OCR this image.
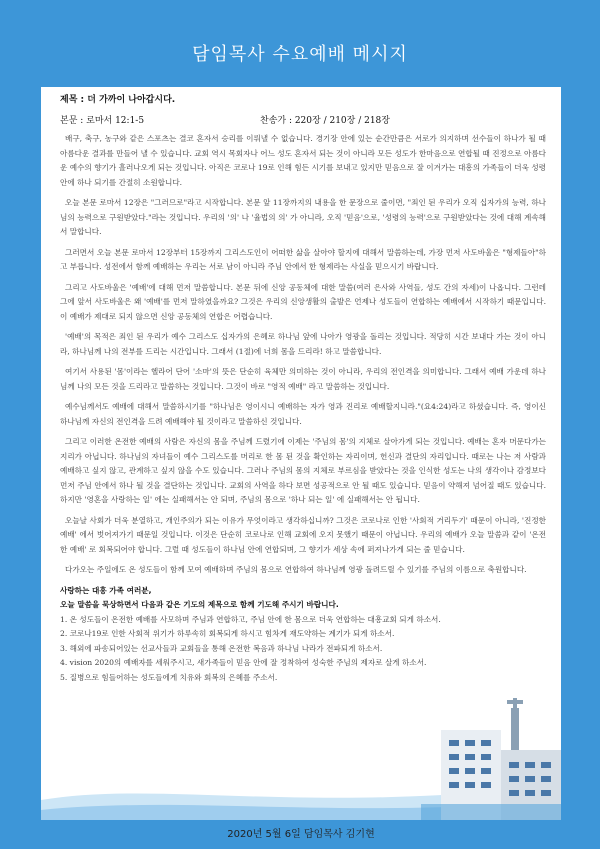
담임목사 수요예배 메시지
제목 : 더 가까이 나아갑시다.
본문 : 로마서 12:1-5	찬송가 : 220장 / 210장 / 218장

배구, 축구, 농구와 같은 스포츠는 결코 혼자서 승리를 이뤄낼 수 없습니다. 경기장 안에 있는 순간만큼은 서로가 의지하며 선수들이 하나가 될 때 아름다운 결과를 만들어 낼 수 있습니다. 교회 역시 목회자나 어느 성도 혼자서 되는 것이 아니라 모든 성도가 한마음으로 연합될 때 진정으로 아름다운 예수의 향기가 흘러나오게 되는 것입니다. 아직은 코로나 19로 인해 힘든 시기를 보내고 있지만 믿음으로 잘 이겨가는 대흥의 가족들이 더욱 성령 안에 하나 되기를 간절히 소원합니다.

오늘 본문 로마서 12장은 "그러므로"라고 시작합니다. 본문 앞 11장까지의 내용을 한 문장으로 줄이면, "죄인 된 우리가 오직 십자가의 능력, 하나님의 능력으로 구원받았다."라는 것입니다. 우리의 '의' 나 '율법의 의' 가 아니라, 오직 '믿음'으로, '성령의 능력'으로 구원받았다는 것에 대해 계속해서 말합니다.

그러면서 오늘 본문 로마서 12장부터 15장까지 그리스도인이 어떠한 삶을 살아야 할지에 대해서 말씀하는데, 가장 먼저 사도바울은 "형제들아"하고 부릅니다. 성전에서 함께 예배하는 우리는 서로 남이 아니라 주님 안에서 한 형제라는 사실을 믿으시기 바랍니다.

그리고 사도바울은 '예배'에 대해 먼저 말씀합니다. 본문 뒤에 신앙 공동체에 대한 말씀(여러 은사와 사역들, 성도 간의 자세)이 나옵니다. 그런데 그에 앞서 사도바울은 왜 '예배'를 먼저 말하였을까요? 그것은 우리의 신앙생활의 출발은 언제나 성도들이 연합하는 예배에서 시작하기 때문입니다. 이 예배가 제대로 되지 않으면 신앙 공동체의 연합은 어렵습니다.

'예배'의 목적은 죄인 된 우리가 예수 그리스도 십자가의 은혜로 하나님 앞에 나아가 영광을 돌리는 것입니다. 적당히 시간 보내다 가는 것이 아니라, 하나님께 나의 전부를 드리는 시간입니다. 그래서 (1절)에 너희 몸을 드리라! 하고 말씀합니다.

여기서 사용된 '몸'이라는 헬라어 단어 '소마'의 뜻은 단순히 육체만 의미하는 것이 아니라, 우리의 전인격을 의미합니다. 그래서 예배 가운데 하나님께 나의 모든 것을 드리라고 말씀하는 것입니다. 그것이 바로 "영적 예배" 라고 말씀하는 것입니다.

예수님께서도 예배에 대해서 말씀하시기를 "하나님은 영이시니 예배하는 자가 영과 진리로 예배할지니라."(요4:24)라고 하셨습니다. 즉, 영이신 하나님께 자신의 전인격을 드려 예배해야 될 것이라고 말씀하신 것입니다.

그리고 이러한 온전한 예배의 사람은 자신의 몸을 주님께 드렸기에 이제는 '주님의 몸'의 지체로 살아가게 되는 것입니다. 예배는 혼자 머문다가는 지리가 아닙니다. 하나님의 자녀들이 예수 그리스도를 머리로 한 몸 된 것을 확인하는 자리이며, 헌신과 결단의 자리입니다. 때로는 나는 저 사람과 예배하고 싶지 않고, 관계하고 싶지 않을 수도 있습니다. 그러나 주님의 몸의 지체로 부르심을 받았다는 것을 인식한 성도는 나의 생각이나 감정보다 먼저 주님 안에서 하나 될 것을 결단하는 것입니다. 교회의 사역을 하다 보면 성공적으로 안 될 때도 있습니다. 믿음이 약해져 넘어질 때도 있습니다. 하지만 '영혼을 사랑하는 일' 에는 실패해서는 안 되며, 주님의 몸으로 '하나 되는 일' 에 실패해서는 안 됩니다.

오늘날 사회가 더욱 분열하고, 개인주의가 되는 이유가 무엇이라고 생각하십니까? 그것은 코로나로 인한 '사회적 거리두기' 때문이 아니라, '진정한 예배' 에서 벗어져가기 때문일 것입니다. 이것은 단순히 코로나로 인해 교회에 오지 못했기 때문이 아닙니다. 우리의 예배가 오늘 말씀과 같이 '온전한 예배' 로 회복되어야 합니다. 그럴 때 성도들이 하나님 안에 연합되며, 그 향기가 세상 속에 퍼져나가게 되는 줄 믿습니다.

다가오는 주일에도 온 성도들이 함께 모여 예배하며 주님의 몸으로 연합하여 하나님께 영광 돌려드릴 수 있기를 주님의 이름으로 축원합니다.

사랑하는 대흥 가족 여러분,
오늘 말씀을 묵상하면서 다음과 같은 기도의 제목으로 함께 기도해 주시기 바랍니다.
1. 온 성도들이 온전한 예배를 사모하며 주님과 연합하고, 주님 안에 한 몸으로 더욱 연합하는 대흥교회 되게 하소서.
2. 코로나19로 인한 사회적 위기가 하루속히 회복되게 하시고 힘차게 재도약하는 계기가 되게 하소서.
3. 해외에 파송되어있는 선교사들과 교회들을 통해 온전한 복음과 하나님 나라가 전파되게 하소서.
4. vision 2020의 예배자를 세워주시고, 새가족들이 믿음 안에 잘 정착하여 성숙한 주님의 제자로 살게 하소서.
5. 질병으로 힘들어하는 성도들에게 치유와 회복의 은혜를 주소서.
2020년 5월 6일 담임목사 김기현
